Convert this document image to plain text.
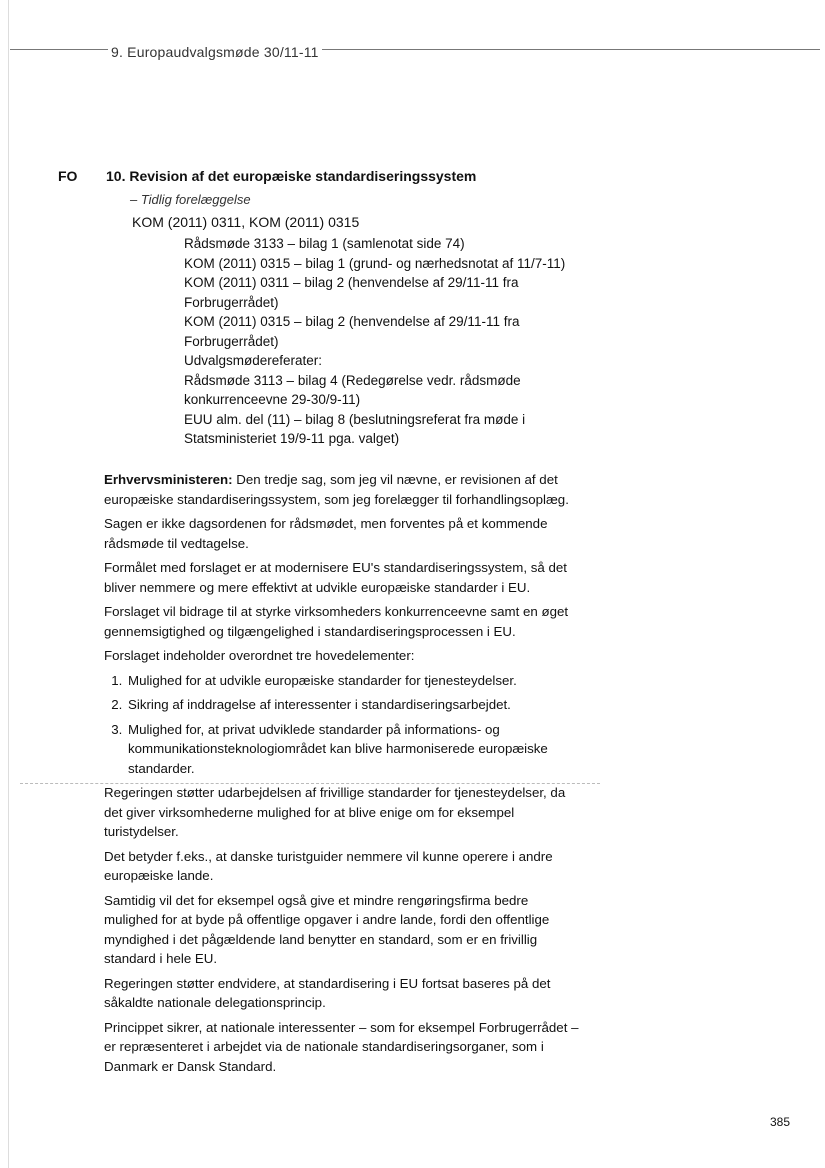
9. Europaudvalgsmøde 30/11-11
FO 10. Revision af det europæiske standardiseringssystem
– Tidlig forelæggelse
KOM (2011) 0311, KOM (2011) 0315
Rådsmøde 3133 – bilag 1 (samlenotat side 74)
KOM (2011) 0315 – bilag 1 (grund- og nærhedsnotat af 11/7-11)
KOM (2011) 0311 – bilag 2 (henvendelse af 29/11-11 fra Forbrugerrådet)
KOM (2011) 0315 – bilag 2 (henvendelse af 29/11-11 fra Forbrugerrådet)
Udvalgsmødereferater:
Rådsmøde 3113 – bilag 4 (Redegørelse vedr. rådsmøde konkurrenceevne 29-30/9-11)
EUU alm. del (11) – bilag 8 (beslutningsreferat fra møde i Statsministeriet 19/9-11 pga. valget)

Erhvervsministeren: Den tredje sag, som jeg vil nævne, er revisionen af det europæiske standardiseringssystem, som jeg forelægger til forhandlingsoplæg.

Sagen er ikke dagsordenen for rådsmødet, men forventes på et kommende rådsmøde til vedtagelse.

Formålet med forslaget er at modernisere EU's standardiseringssystem, så det bliver nemmere og mere effektivt at udvikle europæiske standarder i EU.

Forslaget vil bidrage til at styrke virksomheders konkurrenceevne samt en øget gennemsigtighed og tilgængelighed i standardiseringsprocessen i EU.

Forslaget indeholder overordnet tre hovedelementer:

1. Mulighed for at udvikle europæiske standarder for tjenesteydelser.
2. Sikring af inddragelse af interessenter i standardiseringsarbejdet.
3. Mulighed for, at privat udviklede standarder på informations- og kommunikationsteknologiområdet kan blive harmoniserede europæiske standarder.

Regeringen støtter udarbejdelsen af frivillige standarder for tjenesteydelser, da det giver virksomhederne mulighed for at blive enige om for eksempel turistydelser.

Det betyder f.eks., at danske turistguider nemmere vil kunne operere i andre europæiske lande.

Samtidig vil det for eksempel også give et mindre rengøringsfirma bedre mulighed for at byde på offentlige opgaver i andre lande, fordi den offentlige myndighed i det pågældende land benytter en standard, som er en frivillig standard i hele EU.

Regeringen støtter endvidere, at standardisering i EU fortsat baseres på det såkaldte nationale delegationsprincip.

Princippet sikrer, at nationale interessenter – som for eksempel Forbrugerrådet – er repræsenteret i arbejdet via de nationale standardiseringsorganer, som i Danmark er Dansk Standard.

385
